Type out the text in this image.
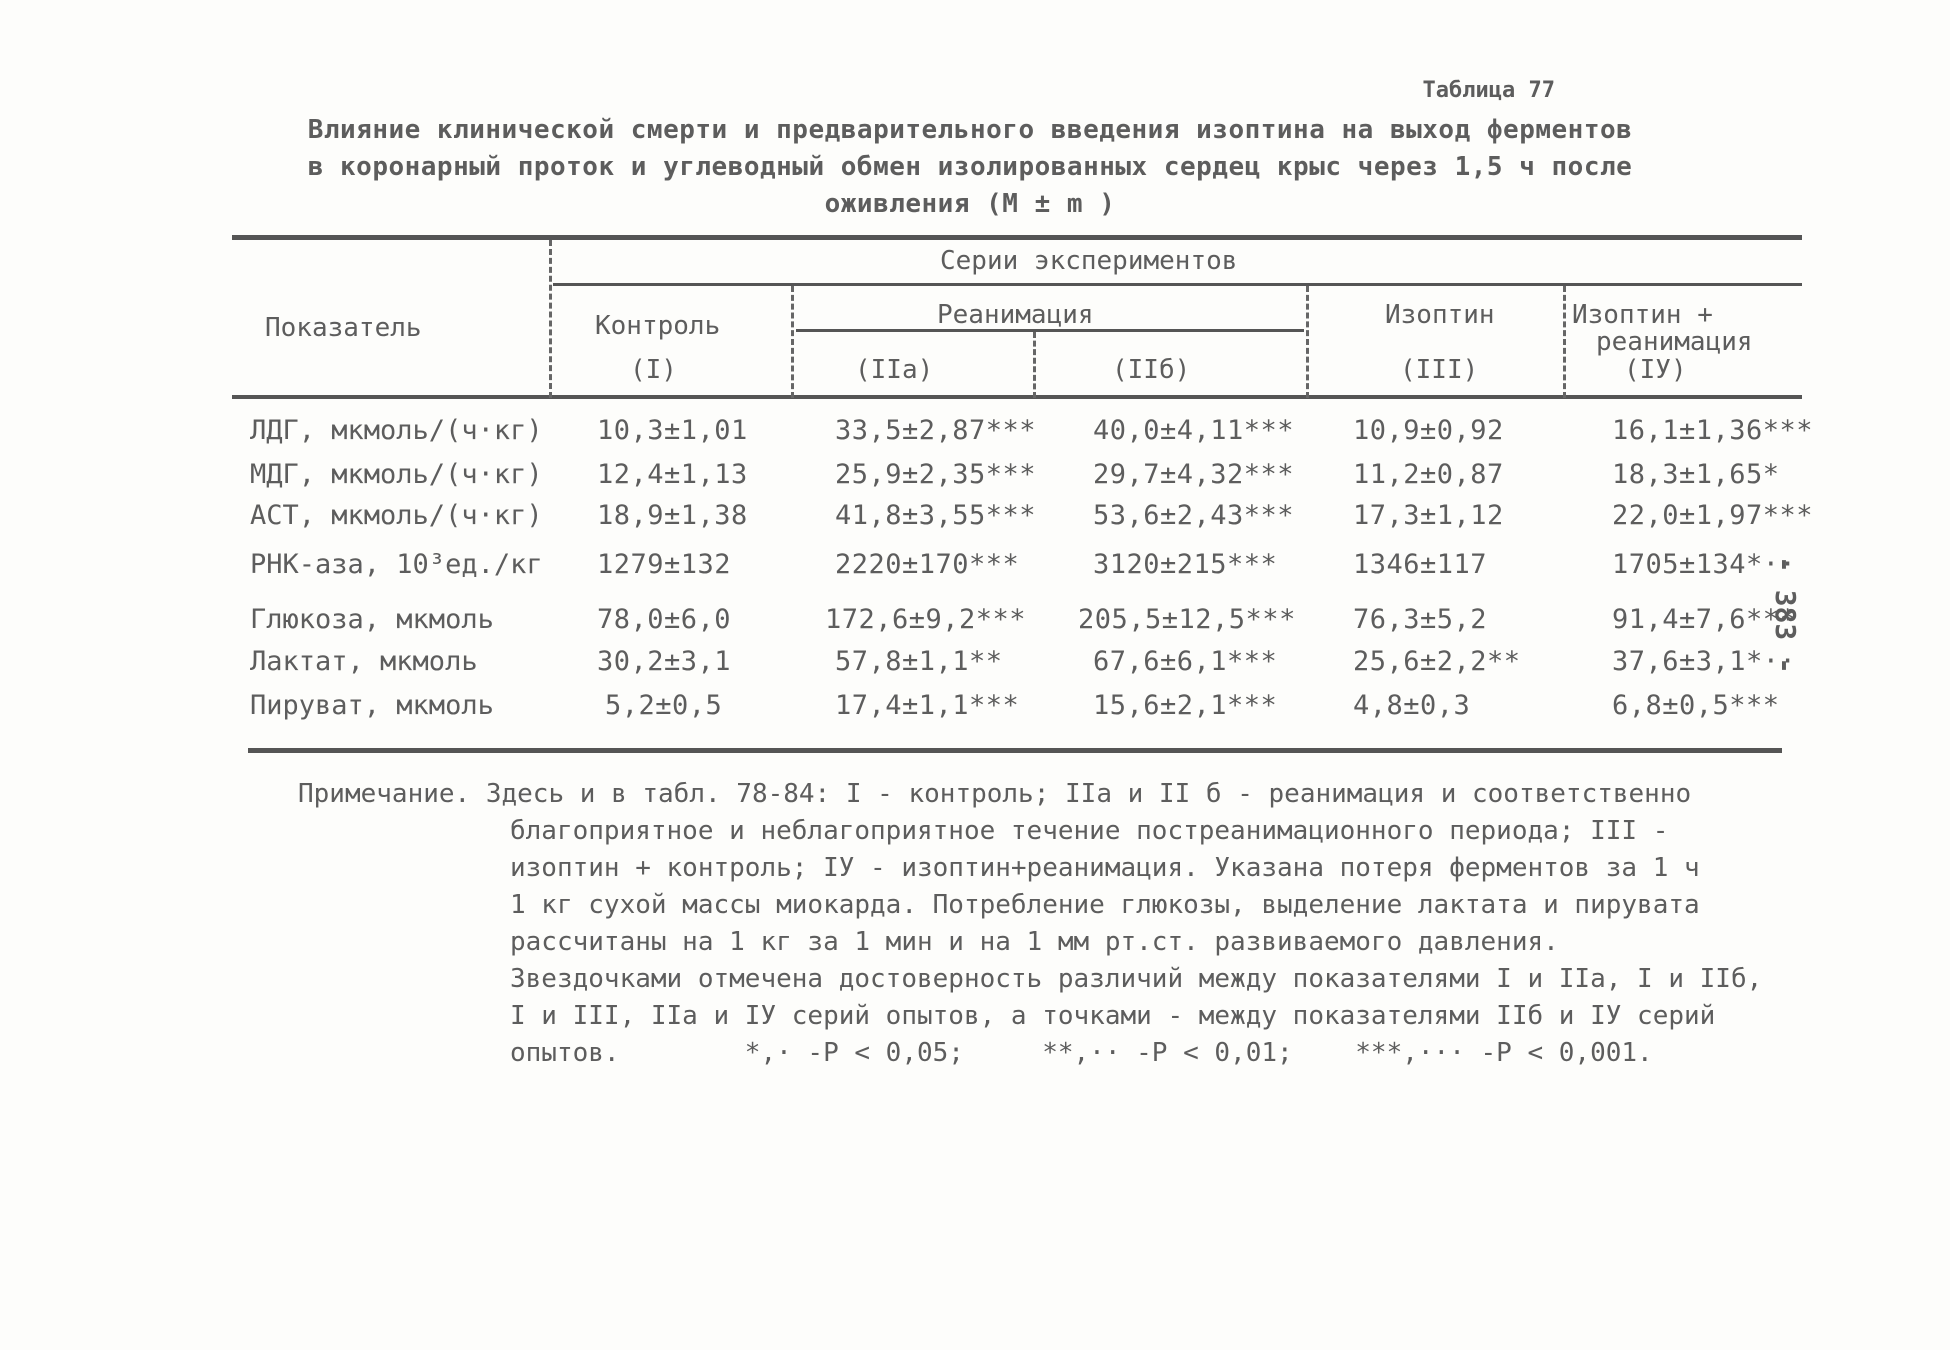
Таблица 77
Влияние клинической смерти и предварительного введения изоптина на выход ферментов
в коронарный проток и углеводный обмен изолированных сердец крыс через 1,5 ч после
оживления (М ± m )
Показатель
Серии экспериментов
Контроль
(I)
Реанимация
(IIа)	(IIб)
Изоптин
(III)
Изоптин +
реанимация
(IУ)
ЛДГ, мкмоль/(ч·кг) 10,3±1,01	33,5±2,87*** 40,0±4,11*** 10,9±0,92	16,1±1,36***
МДГ, мкмоль/(ч·кг) 12,4±1,13	25,9±2,35*** 29,7±4,32*** 11,2±0,87	18,3±1,65*
АСТ, мкмоль/(ч·кг) 18,9±1,38	41,8±3,55*** 53,6±2,43*** 17,3±1,12	22,0±1,97***
РНК-аза, 10³ед./кг 1279±132	2220±170***	3120±215***	1346±117	1705±134*··
Глюкоза, мкмоль	78,0±6,0	172,6±9,2*** 205,5±12,5*** 76,3±5,2	91,4±7,6***
Лактат, мкмоль	30,2±3,1	57,8±1,1**	67,6±6,1***	25,6±2,2**	37,6±3,1*··
Пируват, мкмоль	5,2±0,5	17,4±1,1***	15,6±2,1***	4,8±0,3	6,8±0,5***
Примечание. Здесь и в табл. 78-84: I - контроль; IIа и II б - реанимация и соответственно
благоприятное и неблагоприятное течение постреанимационного периода; III -
изоптин + контроль; IУ - изоптин+реанимация. Указана потеря ферментов за 1 ч
1 кг сухой массы миокарда. Потребление глюкозы, выделение лактата и пирувата
рассчитаны на 1 кг за 1 мин и на 1 мм рт.ст. развиваемого давления.
Звездочками отмечена достоверность различий между показателями I и IIа, I и IIб,
I и III, IIа и IУ серий опытов, а точками - между показателями IIб и IУ серий
опытов.        *,· -Р < 0,05;     **,·· -Р < 0,01;    ***,··· -Р < 0,001.
- 383 -
